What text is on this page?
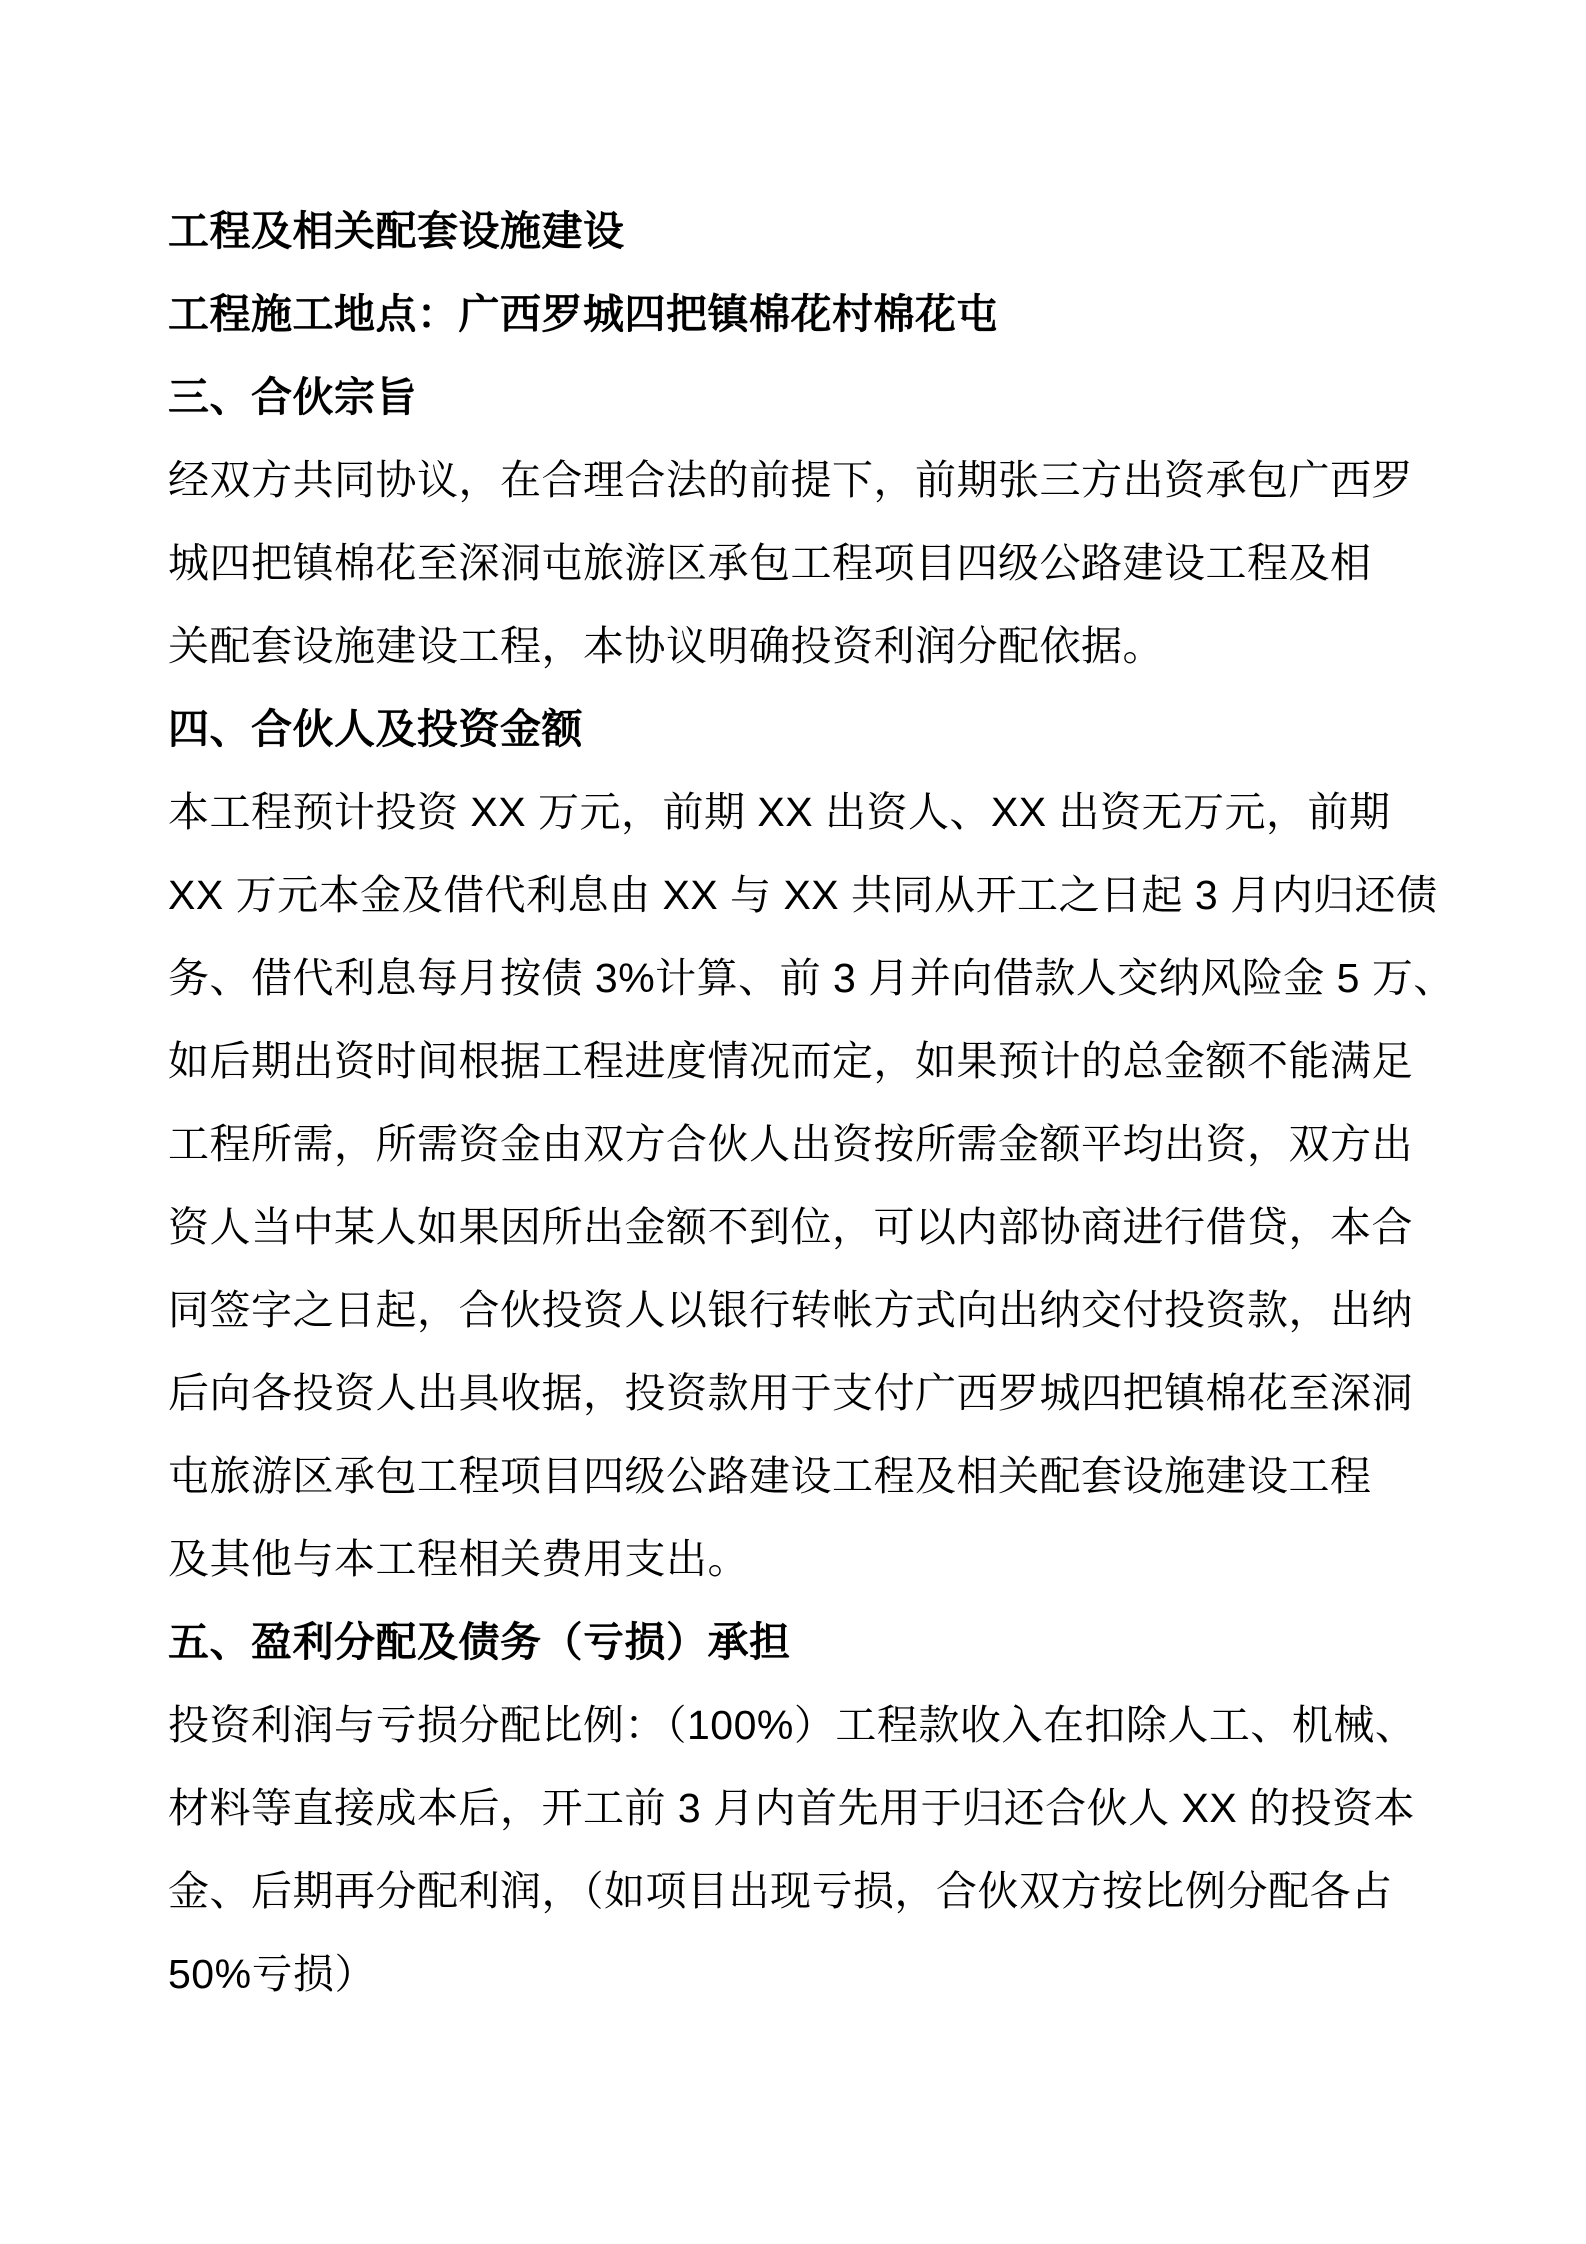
工程及相关配套设施建设

工程施工地点：广西罗城四把镇棉花村棉花屯

三、合伙宗旨

经双方共同协议，在合理合法的前提下，前期张三方出资承包广西罗

城四把镇棉花至深洞屯旅游区承包工程项目四级公路建设工程及相

关配套设施建设工程，本协议明确投资利润分配依据。

四、合伙人及投资金额

本工程预计投资 XX 万元，前期 XX 出资人、XX 出资无万元，前期

XX 万元本金及借代利息由 XX 与 XX 共同从开工之日起 3 月内归还债

务、借代利息每月按债 3%计算、前 3 月并向借款人交纳风险金 5 万、

如后期出资时间根据工程进度情况而定，如果预计的总金额不能满足

工程所需，所需资金由双方合伙人出资按所需金额平均出资，双方出

资人当中某人如果因所出金额不到位，可以内部协商进行借贷，本合

同签字之日起，合伙投资人以银行转帐方式向出纳交付投资款，出纳

后向各投资人出具收据，投资款用于支付广西罗城四把镇棉花至深洞

屯旅游区承包工程项目四级公路建设工程及相关配套设施建设工程

及其他与本工程相关费用支出。

五、盈利分配及债务（亏损）承担

投资利润与亏损分配比例：（100%）工程款收入在扣除人工、机械、

材料等直接成本后，开工前 3 月内首先用于归还合伙人 XX 的投资本

金、后期再分配利润，（如项目出现亏损，合伙双方按比例分配各占

50%亏损）
